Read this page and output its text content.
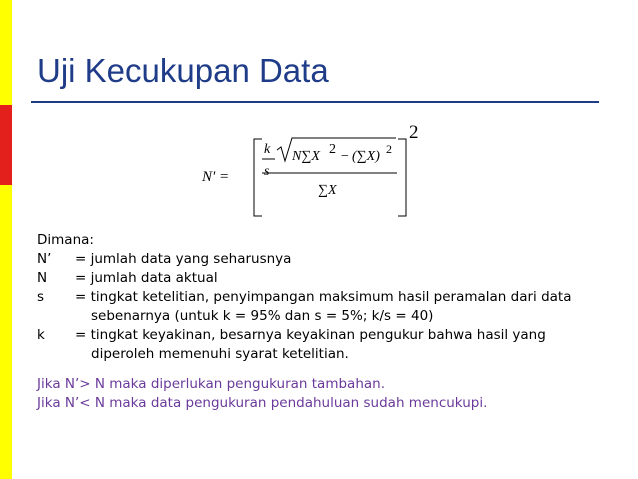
Uji Kecukupan Data
N' =
k
s
N∑X 2 − (∑X) 2
∑X
2
Dimana:
N’ = jumlah data yang seharusnya
N = jumlah data aktual
s = tingkat ketelitian, penyimpangan maksimum hasil peramalan dari data
sebenarnya (untuk k = 95% dan s = 5%; k/s = 40)
k = tingkat keyakinan, besarnya keyakinan pengukur bahwa hasil yang
diperoleh memenuhi syarat ketelitian.
Jika N’> N maka diperlukan pengukuran tambahan.
Jika N’< N maka data pengukuran pendahuluan sudah mencukupi.
